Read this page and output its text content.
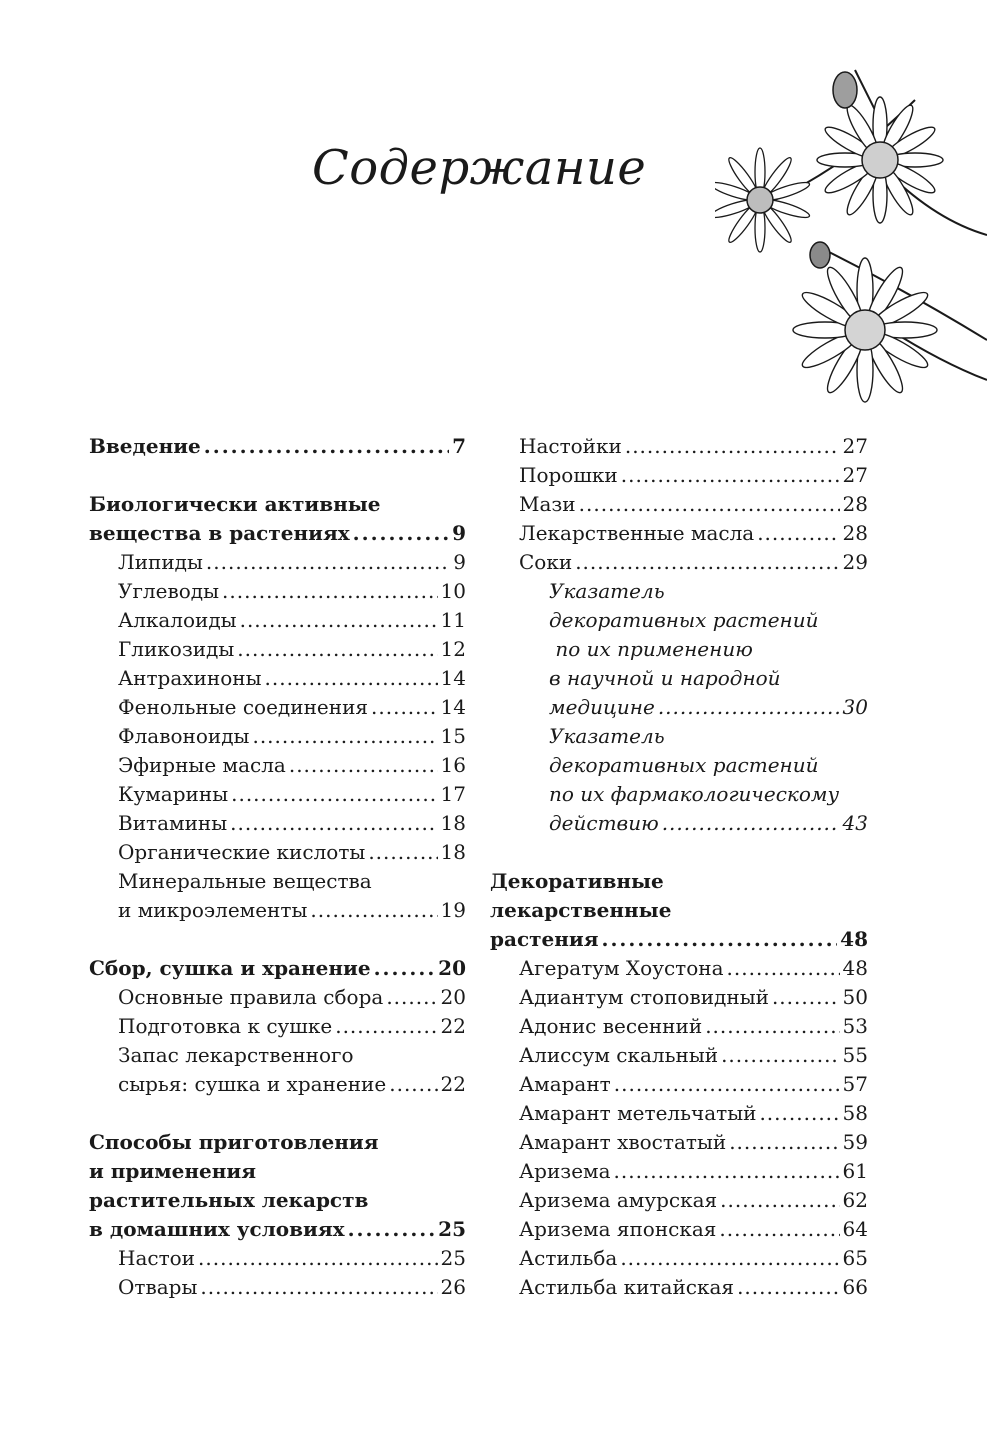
Содержание
Введение .....	7
Биологически активные
вещества в растениях .....	9
Липиды .....	9
Углеводы .....	10
Алкалоиды .....	11
Гликозиды .....	12
Антрахиноны .....	14
Фенольные соединения .....	14
Флавоноиды .....	15
Эфирные масла .....	16
Кумарины .....	17
Витамины .....	18
Органические кислоты .....	18
Минеральные вещества
и микроэлементы .....	19
Сбор, сушка и хранение .....	20
Основные правила сбора .....	20
Подготовка к сушке .....	22
Запас лекарственного
сырья: сушка и хранение .....	22
Способы приготовления
и применения
растительных лекарств
в домашних условиях .....	25
Настои .....	25
Отвары .....	26
Настойки .....	27
Порошки .....	27
Мази .....	28
Лекарственные масла .....	28
Соки .....	29
Указатель
декоративных растений
по их применению
в научной и народной
медицине .....	30
Указатель
декоративных растений
по их фармакологическому
действию .....	43
Декоративные
лекарственные
растения .....	48
Агератум Хоустона .....	48
Адиантум стоповидный .....	50
Адонис весенний .....	53
Алиссум скальный .....	55
Амарант .....	57
Амарант метельчатый .....	58
Амарант хвостатый .....	59
Аризема .....	61
Аризема амурская .....	62
Аризема японская .....	64
Астильба .....	65
Астильба китайская .....	66
